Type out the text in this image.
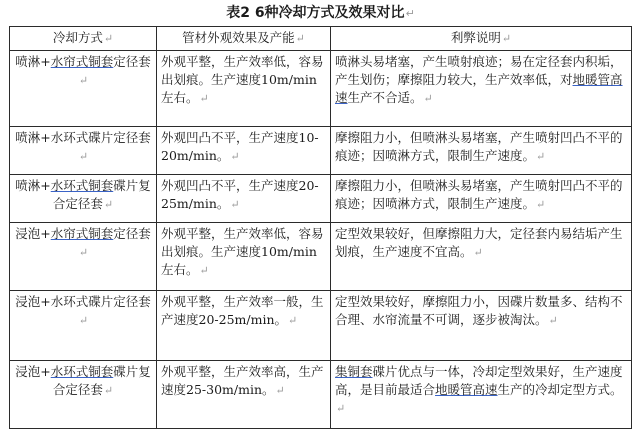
表2 6种冷却方式及效果对比↵
冷却方式↵	管材外观效果及产能↵	利弊说明↵
喷淋+水帘式铜套定径套↵	外观平整，生产效率低，容易出划痕。生产速度10m/min左右。↵	喷淋头易堵塞，产生喷射痕迹；易在定径套内积垢，产生划伤；摩擦阻力较大，生产效率低，对地暖管高速生产不合适。↵
喷淋+水环式碟片定径套↵	外观凹凸不平，生产速度10-20m/min。↵	摩擦阻力小，但喷淋头易堵塞，产生喷射凹凸不平的痕迹；因喷淋方式，限制生产速度。↵
喷淋+水环式铜套碟片复合定径套↵	外观凹凸不平，生产速度20-25m/min。↵	摩擦阻力小，但喷淋头易堵塞，产生喷射凹凸不平的痕迹；因喷淋方式，限制生产速度。↵
浸泡+水帘式铜套定径套↵	外观平整，生产效率低，容易出划痕。生产速度10m/min左右。↵	定型效果较好，但摩擦阻力大，定径套内易结垢产生划痕，生产速度不宜高。↵
浸泡+水环式碟片定径套↵	外观平整，生产效率一般，生产速度20-25m/min。↵	定型效果较好，摩擦阻力小，因碟片数量多、结构不合理、水帘流量不可调，逐步被淘汰。↵
浸泡+水环式铜套碟片复合定径套↵	外观平整，生产效率高，生产速度25-30m/min。↵	集铜套碟片优点与一体，冷却定型效果好，生产速度高，是目前最适合地暖管高速生产的冷却定型方式。↵
